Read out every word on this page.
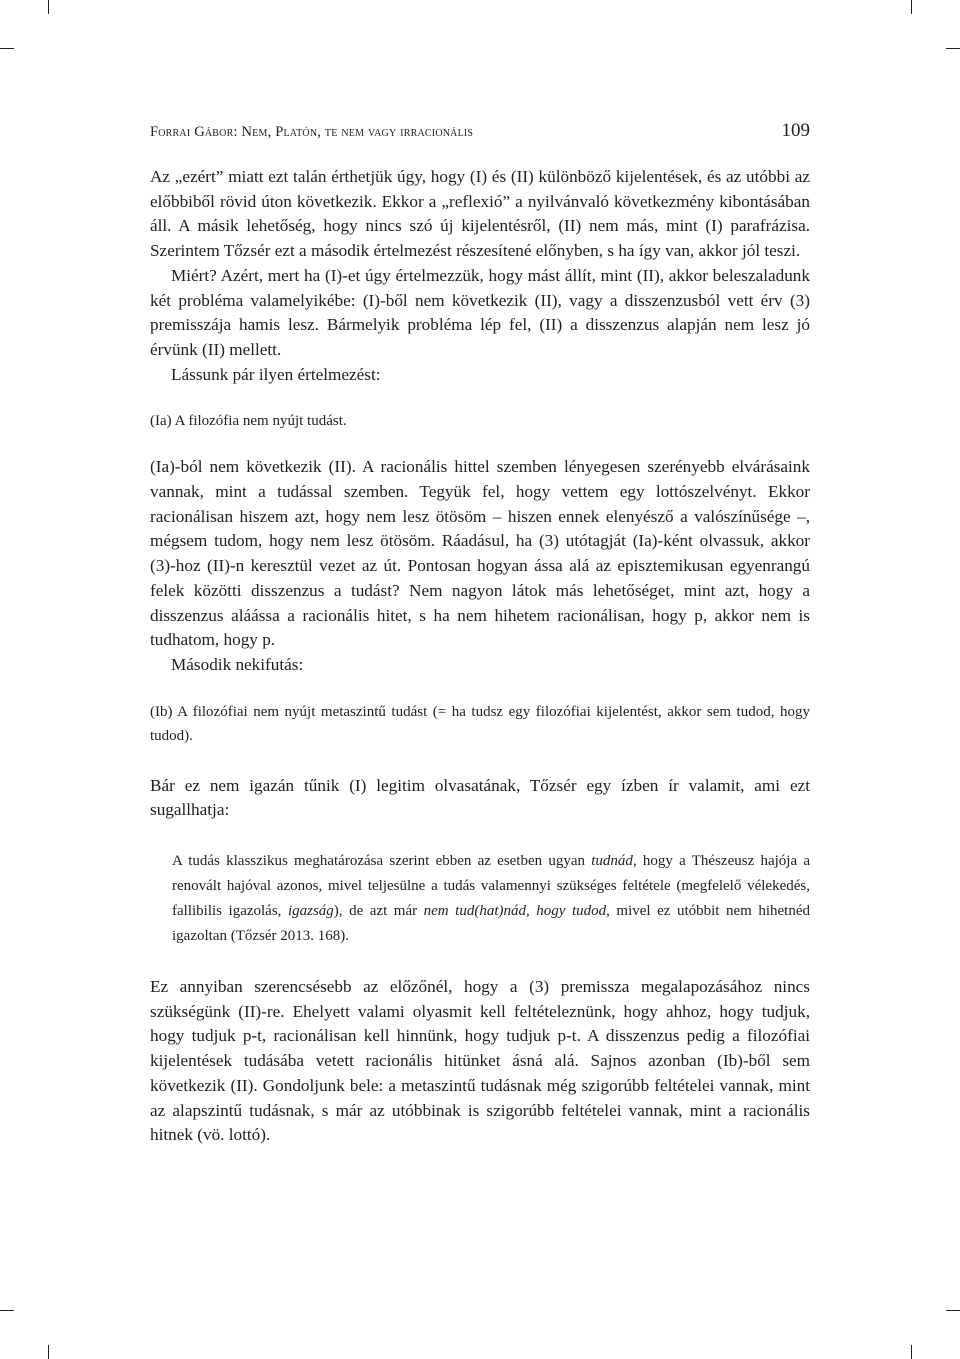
Forrai Gábor: Nem, Platón, te nem vagy irracionális	109

Az „ezért” miatt ezt talán érthetjük úgy, hogy (I) és (II) különböző kijelentések, és az utóbbi az előbbiből rövid úton következik. Ekkor a „reflexió” a nyilvánvaló következmény kibontásában áll. A másik lehetőség, hogy nincs szó új kijelentésről, (II) nem más, mint (I) parafrázisa. Szerintem Tőzsér ezt a második értelmezést részesítené előnyben, s ha így van, akkor jól teszi.

Miért? Azért, mert ha (I)-et úgy értelmezzük, hogy mást állít, mint (II), akkor beleszaladunk két probléma valamelyikébe: (I)-ből nem következik (II), vagy a disszenzusból vett érv (3) premisszája hamis lesz. Bármelyik probléma lép fel, (II) a disszenzus alapján nem lesz jó érvünk (II) mellett.

Lássunk pár ilyen értelmezést:

(Ia) A filozófia nem nyújt tudást.

(Ia)-ból nem következik (II). A racionális hittel szemben lényegesen szerényebb elvárásaink vannak, mint a tudással szemben. Tegyük fel, hogy vettem egy lottószelvényt. Ekkor racionálisan hiszem azt, hogy nem lesz ötösöm – hiszen ennek elenyésző a valószínűsége –, mégsem tudom, hogy nem lesz ötösöm. Ráadásul, ha (3) utótagját (Ia)-ként olvassuk, akkor (3)-hoz (II)-n keresztül vezet az út. Pontosan hogyan ássa alá az episztemikusan egyenrangú felek közötti disszenzus a tudást? Nem nagyon látok más lehetőséget, mint azt, hogy a disszenzus aláássa a racionális hitet, s ha nem hihetem racionálisan, hogy p, akkor nem is tudhatom, hogy p.

Második nekifutás:

(Ib) A filozófiai nem nyújt metaszintű tudást (= ha tudsz egy filozófiai kijelentést, akkor sem tudod, hogy tudod).

Bár ez nem igazán tűnik (I) legitim olvasatának, Tőzsér egy ízben ír valamit, ami ezt sugallhatja:

A tudás klasszikus meghatározása szerint ebben az esetben ugyan tudnád, hogy a Thészeusz hajója a renovált hajóval azonos, mivel teljesülne a tudás valamennyi szükséges feltétele (megfelelő vélekedés, fallibilis igazolás, igazság), de azt már nem tud(hat)nád, hogy tudod, mivel ez utóbbit nem hihetnéd igazoltan (Tőzsér 2013. 168).

Ez annyiban szerencsésebb az előzőnél, hogy a (3) premissza megalapozásához nincs szükségünk (II)-re. Ehelyett valami olyasmit kell feltételeznünk, hogy ahhoz, hogy tudjuk, hogy tudjuk p-t, racionálisan kell hinnünk, hogy tudjuk p-t. A disszenzus pedig a filozófiai kijelentések tudásába vetett racionális hitünket ásná alá. Sajnos azonban (Ib)-ből sem következik (II). Gondoljunk bele: a metaszintű tudásnak még szigorúbb feltételei vannak, mint az alapszintű tudásnak, s már az utóbbinak is szigorúbb feltételei vannak, mint a racionális hitnek (vö. lottó).
